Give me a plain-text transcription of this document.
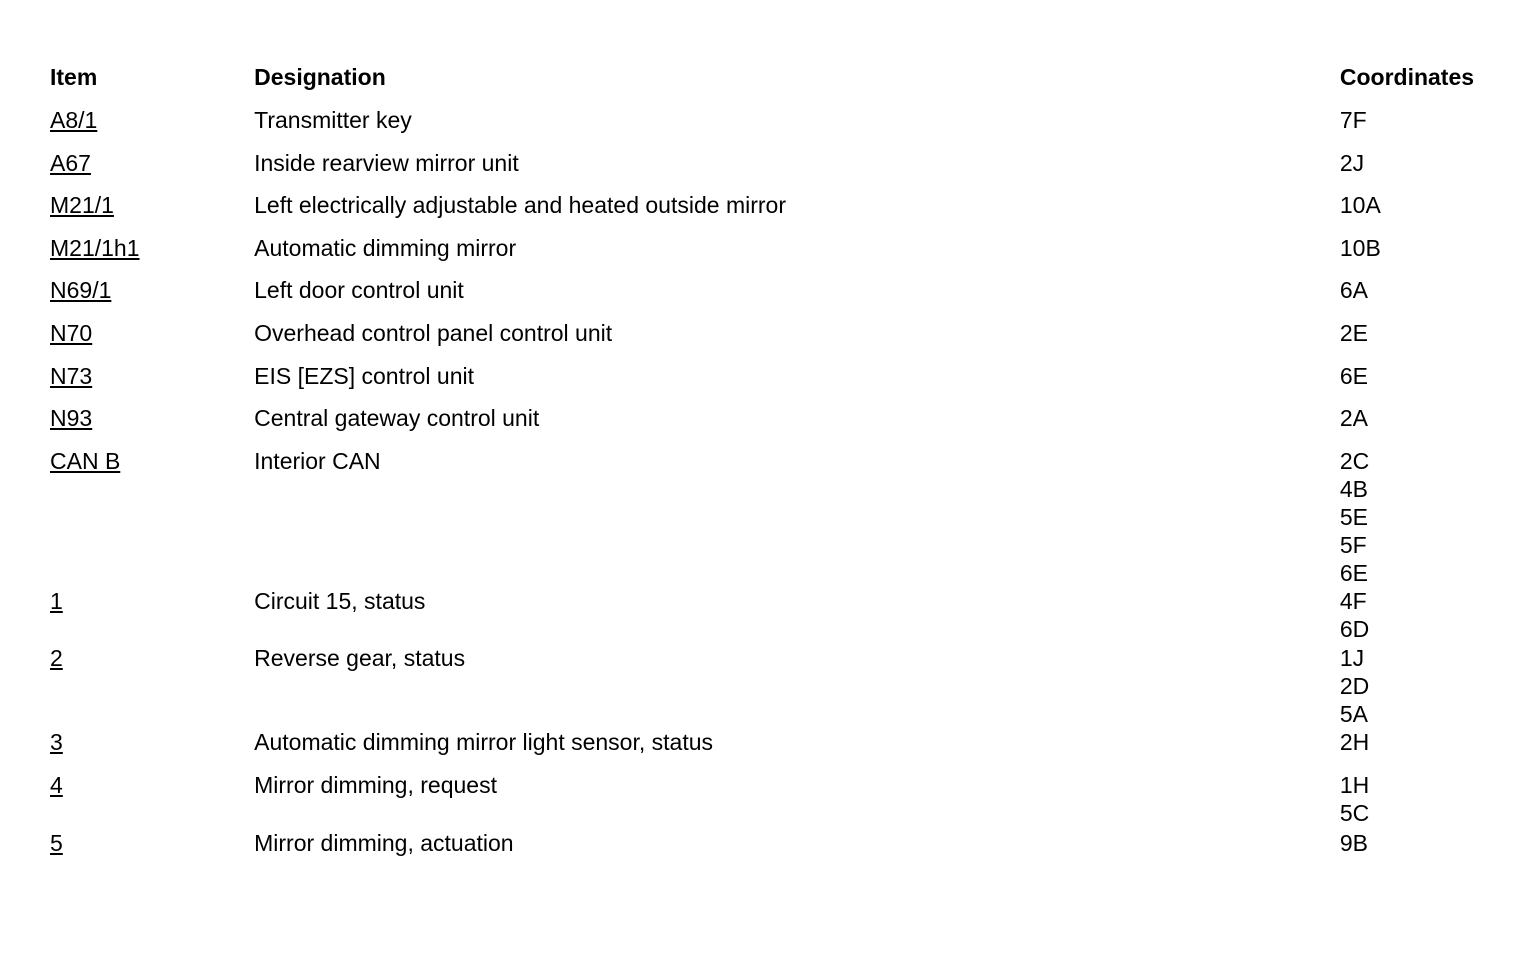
Item	Designation	Coordinates
A8/1	Transmitter key	7F

A67	Inside rearview mirror unit	2J

M21/1	Left electrically adjustable and heated outside mirror	10A

M21/1h1	Automatic dimming mirror	10B

N69/1	Left door control unit	6A

N70	Overhead control panel control unit	2E

N73	EIS [EZS] control unit	6E

N93	Central gateway control unit	2A

CAN B	Interior CAN	2C
4B
5E
5F
6E

1	Circuit 15, status	4F
6D

2	Reverse gear, status	1J
2D
5A

3	Automatic dimming mirror light sensor, status	2H

4	Mirror dimming, request	1H
5C

5	Mirror dimming, actuation	9B
